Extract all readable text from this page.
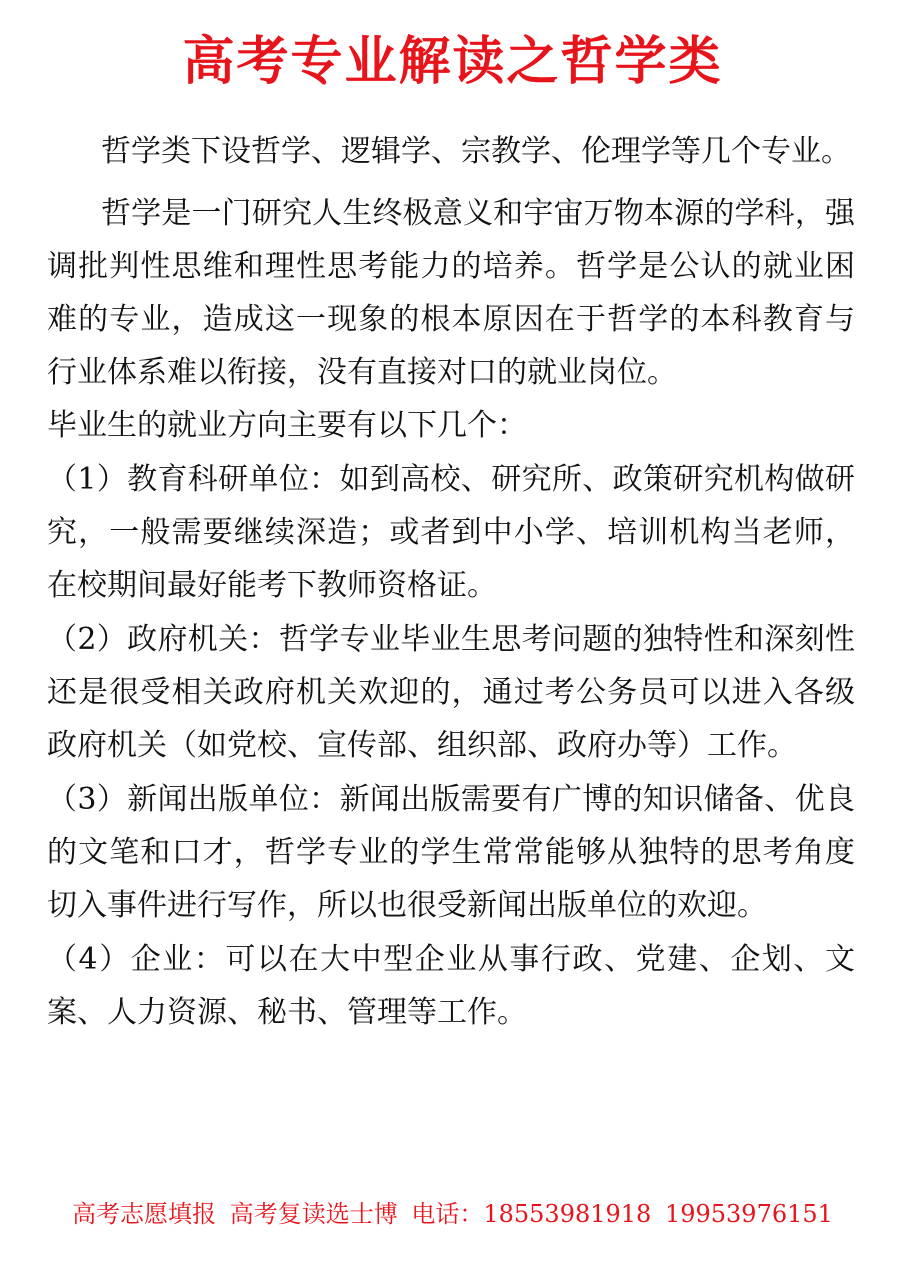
高考专业解读之哲学类

哲学类下设哲学、逻辑学、宗教学、伦理学等几个专业。

哲学是一门研究人生终极意义和宇宙万物本源的学科，强调批判性思维和理性思考能力的培养。哲学是公认的就业困难的专业，造成这一现象的根本原因在于哲学的本科教育与行业体系难以衔接，没有直接对口的就业岗位。

毕业生的就业方向主要有以下几个：

（1）教育科研单位：如到高校、研究所、政策研究机构做研究，一般需要继续深造；或者到中小学、培训机构当老师，在校期间最好能考下教师资格证。

（2）政府机关：哲学专业毕业生思考问题的独特性和深刻性还是很受相关政府机关欢迎的，通过考公务员可以进入各级政府机关（如党校、宣传部、组织部、政府办等）工作。

（3）新闻出版单位：新闻出版需要有广博的知识储备、优良的文笔和口才，哲学专业的学生常常能够从独特的思考角度切入事件进行写作，所以也很受新闻出版单位的欢迎。

（4）企业：可以在大中型企业从事行政、党建、企划、文案、人力资源、秘书、管理等工作。

高考志愿填报 高考复读选士博 电话：18553981918 19953976151
